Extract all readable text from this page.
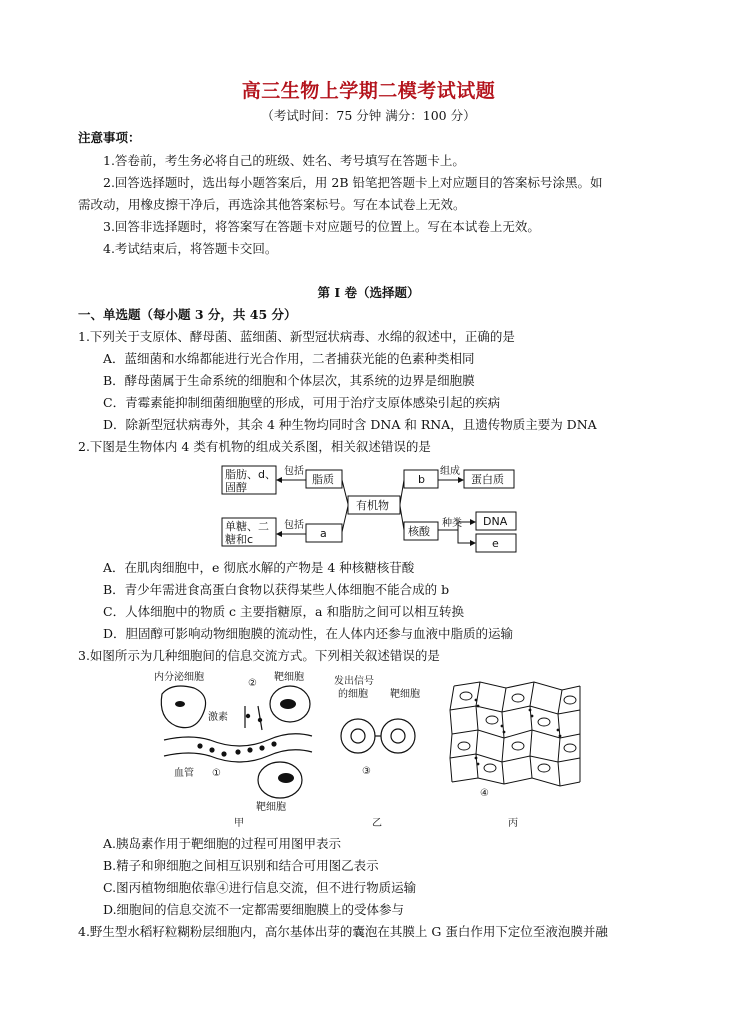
高三生物上学期二模考试试题
（考试时间：75 分钟 满分：100 分）
注意事项：
1.答卷前，考生务必将自己的班级、姓名、考号填写在答题卡上。
2.回答选择题时，选出每小题答案后，用 2B 铅笔把答题卡上对应题目的答案标号涂黑。如
需改动，用橡皮擦干净后，再选涂其他答案标号。写在本试卷上无效。
3.回答非选择题时，将答案写在答题卡对应题号的位置上。写在本试卷上无效。
4.考试结束后，将答题卡交回。
第 I 卷（选择题）
一、单选题（每小题 3 分，共 45 分）
1.下列关于支原体、酵母菌、蓝细菌、新型冠状病毒、水绵的叙述中，正确的是
A．蓝细菌和水绵都能进行光合作用，二者捕获光能的色素种类相同
B．酵母菌属于生命系统的细胞和个体层次，其系统的边界是细胞膜
C．青霉素能抑制细菌细胞壁的形成，可用于治疗支原体感染引起的疾病
D．除新型冠状病毒外，其余 4 种生物均同时含 DNA 和 RNA，且遗传物质主要为 DNA
2.下图是生物体内 4 类有机物的组成关系图，相关叙述错误的是
脂肪、d、
固醇
包括
脂质
有机物
b
组成
蛋白质
单糖、二
糖和c
包括
a	核酸
种类 DNA
e
A．在肌肉细胞中，e 彻底水解的产物是 4 种核糖核苷酸
B．青少年需进食高蛋白食物以获得某些人体细胞不能合成的 b
C．人体细胞中的物质 c 主要指糖原，a 和脂肪之间可以相互转换
D．胆固醇可影响动物细胞膜的流动性，在人体内还参与血液中脂质的运输
3.如图所示为几种细胞间的信息交流方式。下列相关叙述错误的是
内分泌细胞	靶细胞
②
激素
血管 ①
靶细胞
甲
发出信号
的细胞 靶细胞
③
乙
④
丙
A.胰岛素作用于靶细胞的过程可用图甲表示
B.精子和卵细胞之间相互识别和结合可用图乙表示
C.图丙植物细胞依靠④进行信息交流，但不进行物质运输
D.细胞间的信息交流不一定都需要细胞膜上的受体参与
4.野生型水稻籽粒糊粉层细胞内，高尔基体出芽的囊泡在其膜上 G 蛋白作用下定位至液泡膜并融
